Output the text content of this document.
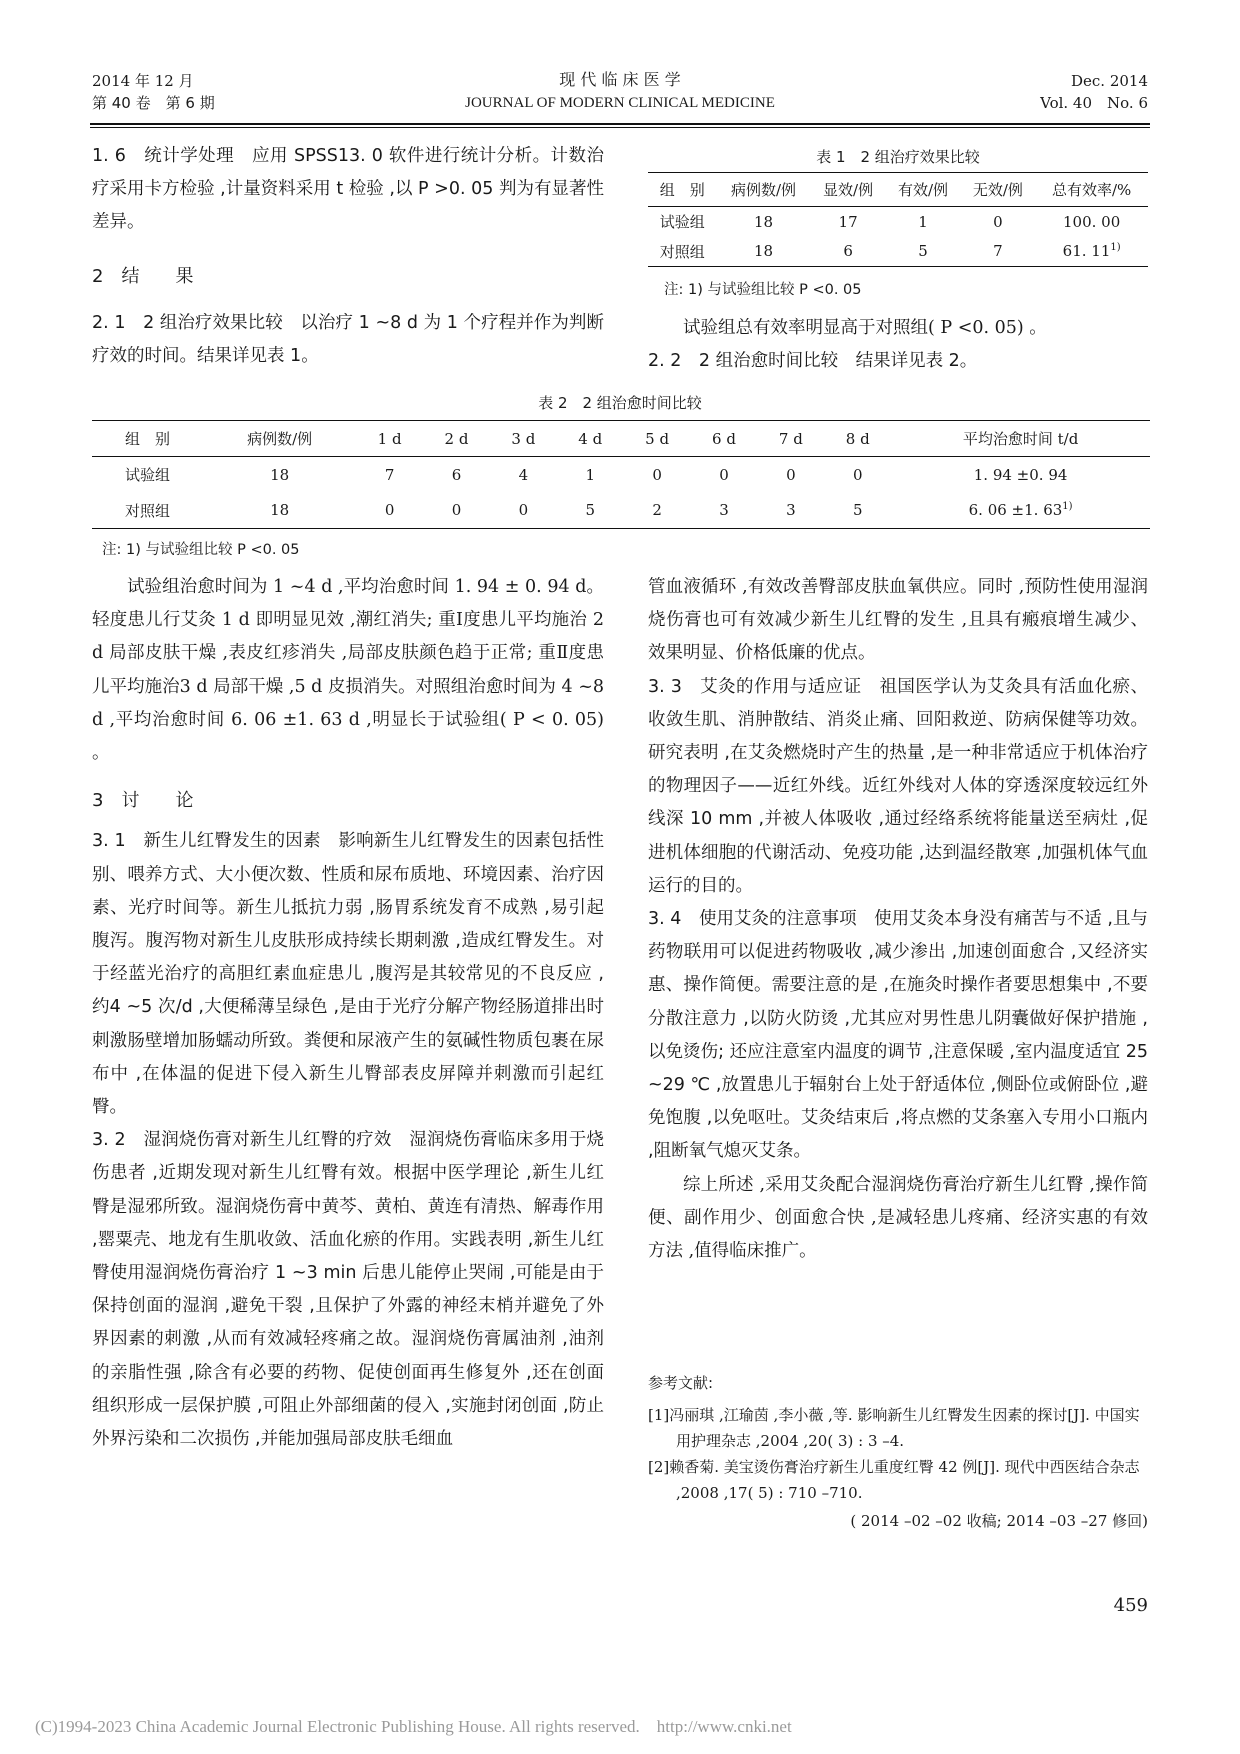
2014 年 12 月
第 40 卷　第 6 期
现 代 临 床 医 学
JOURNAL OF MODERN CLINICAL MEDICINE
Dec. 2014
Vol. 40　No. 6

1. 6　统计学处理　应用 SPSS13. 0 软件进行统计分析。计数治疗采用卡方检验 ,计量资料采用 t 检验 ,以 P >0. 05 判为有显著性差异。

2　结　　果

2. 1　2 组治疗效果比较　以治疗 1 ~8 d 为 1 个疗程并作为判断疗效的时间。结果详见表 1。

表 1　2 组治疗效果比较
组　别	病例数/例	显效/例	有效/例	无效/例	总有效率/%
试验组	18	17	1	0	100. 00
对照组	18	6	5	7	61. 11$^{1)}$
注: 1) 与试验组比较 P <0. 05

试验组总有效率明显高于对照组( P <0. 05) 。

2. 2　2 组治愈时间比较　结果详见表 2。

表 2　2 组治愈时间比较
组　别	病例数/例	1 d	2 d	3 d	4 d	5 d	6 d	7 d	8 d	平均治愈时间 t/d
试验组	18	7	6	4	1	0	0	0	0	1. 94 ±0. 94
对照组	18	0	0	0	5	2	3	3	5	6. 06 ±1. 63$^{1)}$
注: 1) 与试验组比较 P <0. 05

试验组治愈时间为 1 ~4 d ,平均治愈时间 1. 94 ± 0. 94 d。轻度患儿行艾灸 1 d 即明显见效 ,潮红消失; 重Ⅰ度患儿平均施治 2 d 局部皮肤干燥 ,表皮红疹消失 ,局部皮肤颜色趋于正常; 重Ⅱ度患儿平均施治3 d 局部干燥 ,5 d 皮损消失。对照组治愈时间为 4 ~8 d ,平均治愈时间 6. 06 ±1. 63 d ,明显长于试验组( P < 0. 05) 。

3　讨　　论

3. 1　新生儿红臀发生的因素　影响新生儿红臀发生的因素包括性别、喂养方式、大小便次数、性质和尿布质地、环境因素、治疗因素、光疗时间等。新生儿抵抗力弱 ,肠胃系统发育不成熟 ,易引起腹泻。腹泻物对新生儿皮肤形成持续长期刺激 ,造成红臀发生。对于经蓝光治疗的高胆红素血症患儿 ,腹泻是其较常见的不良反应 ,约4 ~5 次/d ,大便稀薄呈绿色 ,是由于光疗分解产物经肠道排出时刺激肠壁增加肠蠕动所致。粪便和尿液产生的氨碱性物质包裹在尿布中 ,在体温的促进下侵入新生儿臀部表皮屏障并刺激而引起红臀。

3. 2　湿润烧伤膏对新生儿红臀的疗效　湿润烧伤膏临床多用于烧伤患者 ,近期发现对新生儿红臀有效。根据中医学理论 ,新生儿红臀是湿邪所致。湿润烧伤膏中黄芩、黄柏、黄连有清热、解毒作用 ,罂粟壳、地龙有生肌收敛、活血化瘀的作用。实践表明 ,新生儿红臀使用湿润烧伤膏治疗 1 ~3 min 后患儿能停止哭闹 ,可能是由于保持创面的湿润 ,避免干裂 ,且保护了外露的神经末梢并避免了外界因素的刺激 ,从而有效减轻疼痛之故。湿润烧伤膏属油剂 ,油剂的亲脂性强 ,除含有必要的药物、促使创面再生修复外 ,还在创面组织形成一层保护膜 ,可阻止外部细菌的侵入 ,实施封闭创面 ,防止外界污染和二次损伤 ,并能加强局部皮肤毛细血

管血液循环 ,有效改善臀部皮肤血氧供应。同时 ,预防性使用湿润烧伤膏也可有效减少新生儿红臀的发生 ,且具有瘢痕增生减少、效果明显、价格低廉的优点。

3. 3　艾灸的作用与适应证　祖国医学认为艾灸具有活血化瘀、收敛生肌、消肿散结、消炎止痛、回阳救逆、防病保健等功效。研究表明 ,在艾灸燃烧时产生的热量 ,是一种非常适应于机体治疗的物理因子——近红外线。近红外线对人体的穿透深度较远红外线深 10 mm ,并被人体吸收 ,通过经络系统将能量送至病灶 ,促进机体细胞的代谢活动、免疫功能 ,达到温经散寒 ,加强机体气血运行的目的。

3. 4　使用艾灸的注意事项　使用艾灸本身没有痛苦与不适 ,且与药物联用可以促进药物吸收 ,减少渗出 ,加速创面愈合 ,又经济实惠、操作简便。需要注意的是 ,在施灸时操作者要思想集中 ,不要分散注意力 ,以防火防烫 ,尤其应对男性患儿阴囊做好保护措施 ,以免烫伤; 还应注意室内温度的调节 ,注意保暖 ,室内温度适宜 25　~29 ℃ ,放置患儿于辐射台上处于舒适体位 ,侧卧位或俯卧位 ,避免饱腹 ,以免呕吐。艾灸结束后 ,将点燃的艾条塞入专用小口瓶内 ,阻断氧气熄灭艾条。

综上所述 ,采用艾灸配合湿润烧伤膏治疗新生儿红臀 ,操作简便、副作用少、创面愈合快 ,是减轻患儿疼痛、经济实惠的有效方法 ,值得临床推广。

参考文献:

[1]冯丽琪 ,江瑜茵 ,李小薇 ,等. 影响新生儿红臀发生因素的探讨[J]. 中国实用护理杂志 ,2004 ,20( 3) : 3 –4.

[2]赖香菊. 美宝烫伤膏治疗新生儿重度红臀 42 例[J]. 现代中西医结合杂志 ,2008 ,17( 5) : 710 –710.

( 2014 –02 –02 收稿; 2014 –03 –27 修回)

459
(C)1994-2023 China Academic Journal Electronic Publishing House. All rights reserved.　http://www.cnki.net
